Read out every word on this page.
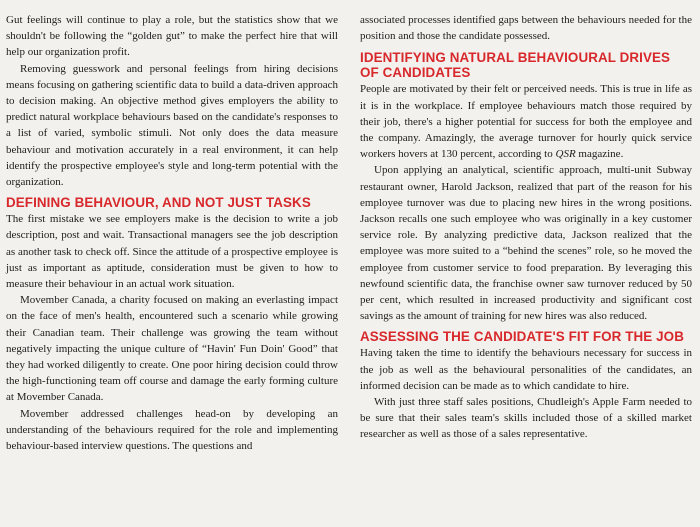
Gut feelings will continue to play a role, but the statistics show that we shouldn't be following the “golden gut” to make the perfect hire that will help our organization profit.

Removing guesswork and personal feelings from hiring decisions means focusing on gathering scientific data to build a data-driven approach to decision making. An objective method gives employers the ability to predict natural workplace behaviours based on the candidate's responses to a list of varied, symbolic stimuli. Not only does the data measure behaviour and motivation accurately in a real environment, it can help identify the prospective employee's style and long-term potential with the organization.

DEFINING BEHAVIOUR, AND NOT JUST TASKS

The first mistake we see employers make is the decision to write a job description, post and wait. Transactional managers see the job description as another task to check off. Since the attitude of a prospective employee is just as important as aptitude, consideration must be given to how to measure their behaviour in an actual work situation.

Movember Canada, a charity focused on making an everlasting impact on the face of men's health, encountered such a scenario while growing their Canadian team. Their challenge was growing the team without negatively impacting the unique culture of “Havin' Fun Doin' Good” that they had worked diligently to create. One poor hiring decision could throw the high-functioning team off course and damage the early forming culture at Movember Canada.

Movember addressed challenges head-on by developing an understanding of the behaviours required for the role and implementing behaviour-based interview questions. The questions and

associated processes identified gaps between the behaviours needed for the position and those the candidate possessed.

IDENTIFYING NATURAL BEHAVIOURAL DRIVES OF CANDIDATES

People are motivated by their felt or perceived needs. This is true in life as it is in the workplace. If employee behaviours match those required by their job, there's a higher potential for success for both the employee and the company. Amazingly, the average turnover for hourly quick service workers hovers at 130 percent, according to QSR magazine.

Upon applying an analytical, scientific approach, multi-unit Subway restaurant owner, Harold Jackson, realized that part of the reason for his employee turnover was due to placing new hires in the wrong positions. Jackson recalls one such employee who was originally in a key customer service role. By analyzing predictive data, Jackson realized that the employee was more suited to a “behind the scenes” role, so he moved the employee from customer service to food preparation. By leveraging this newfound scientific data, the franchise owner saw turnover reduced by 50 per cent, which resulted in increased productivity and significant cost savings as the amount of training for new hires was also reduced.

ASSESSING THE CANDIDATE'S FIT FOR THE JOB

Having taken the time to identify the behaviours necessary for success in the job as well as the behavioural personalities of the candidates, an informed decision can be made as to which candidate to hire.

With just three staff sales positions, Chudleigh's Apple Farm needed to be sure that their sales team's skills included those of a skilled market researcher as well as those of a sales representative.
